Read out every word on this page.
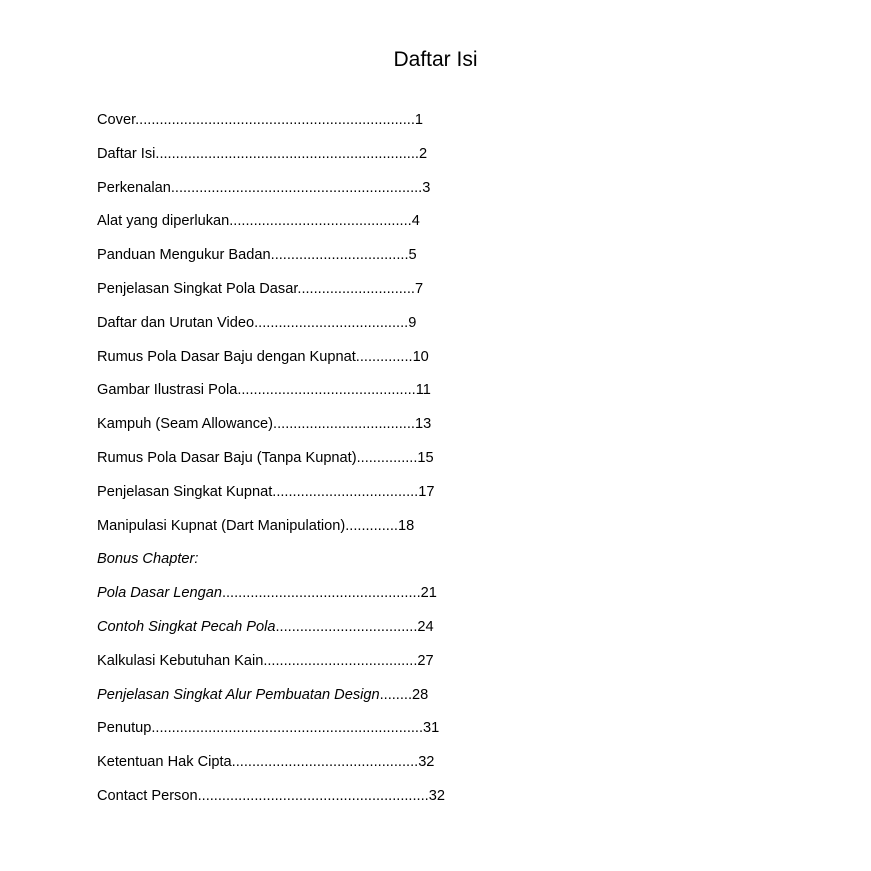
Daftar Isi
Cover.....................................................................1
Daftar Isi.................................................................2
Perkenalan..............................................................3
Alat yang diperlukan.............................................4
Panduan Mengukur Badan..................................5
Penjelasan Singkat Pola Dasar.............................7
Daftar dan Urutan Video......................................9
Rumus Pola Dasar Baju dengan Kupnat..............10
Gambar Ilustrasi Pola............................................11
Kampuh (Seam Allowance)...................................13
Rumus Pola Dasar Baju (Tanpa Kupnat)...............15
Penjelasan Singkat Kupnat....................................17
Manipulasi Kupnat (Dart Manipulation).............18
Bonus Chapter:
Pola Dasar Lengan.................................................21
Contoh Singkat Pecah Pola...................................24
Kalkulasi Kebutuhan Kain......................................27
Penjelasan Singkat Alur Pembuatan Design........28
Penutup...................................................................31
Ketentuan Hak Cipta..............................................32
Contact Person.........................................................32
